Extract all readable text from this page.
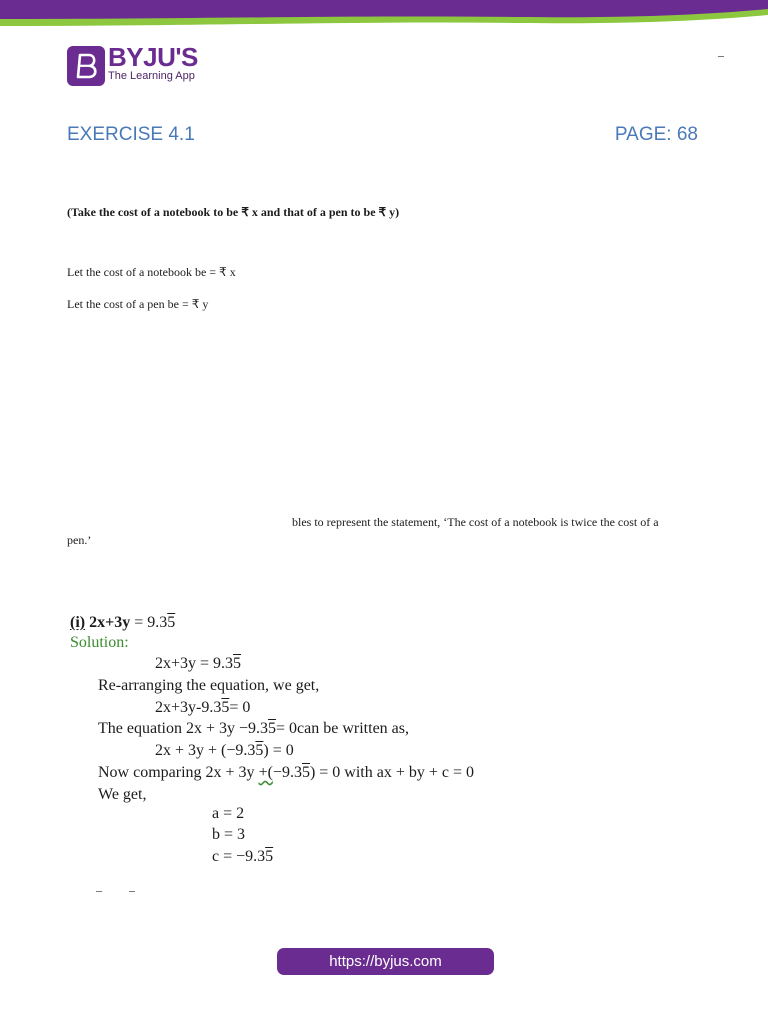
BYJU'S
The Learning App
–
EXERCISE 4.1	PAGE: 68
(Take the cost of a notebook to be ₹ x and that of a pen to be ₹ y)
Let the cost of a notebook be = ₹ x
Let the cost of a pen be = ₹ y
bles to represent the statement, ‘The cost of a notebook is twice the cost of a
pen.’
(i) 2x+3y = 9.35
Solution:
2x+3y = 9.35
Re-arranging the equation, we get,
2x+3y-9.35= 0
The equation 2x + 3y −9.35= 0can be written as,
2x + 3y + (−9.35) = 0
Now comparing 2x + 3y +(−9.35) = 0 with ax + by + c = 0
We get,
a = 2
b = 3
c = −9.35
– –
https://byjus.com
